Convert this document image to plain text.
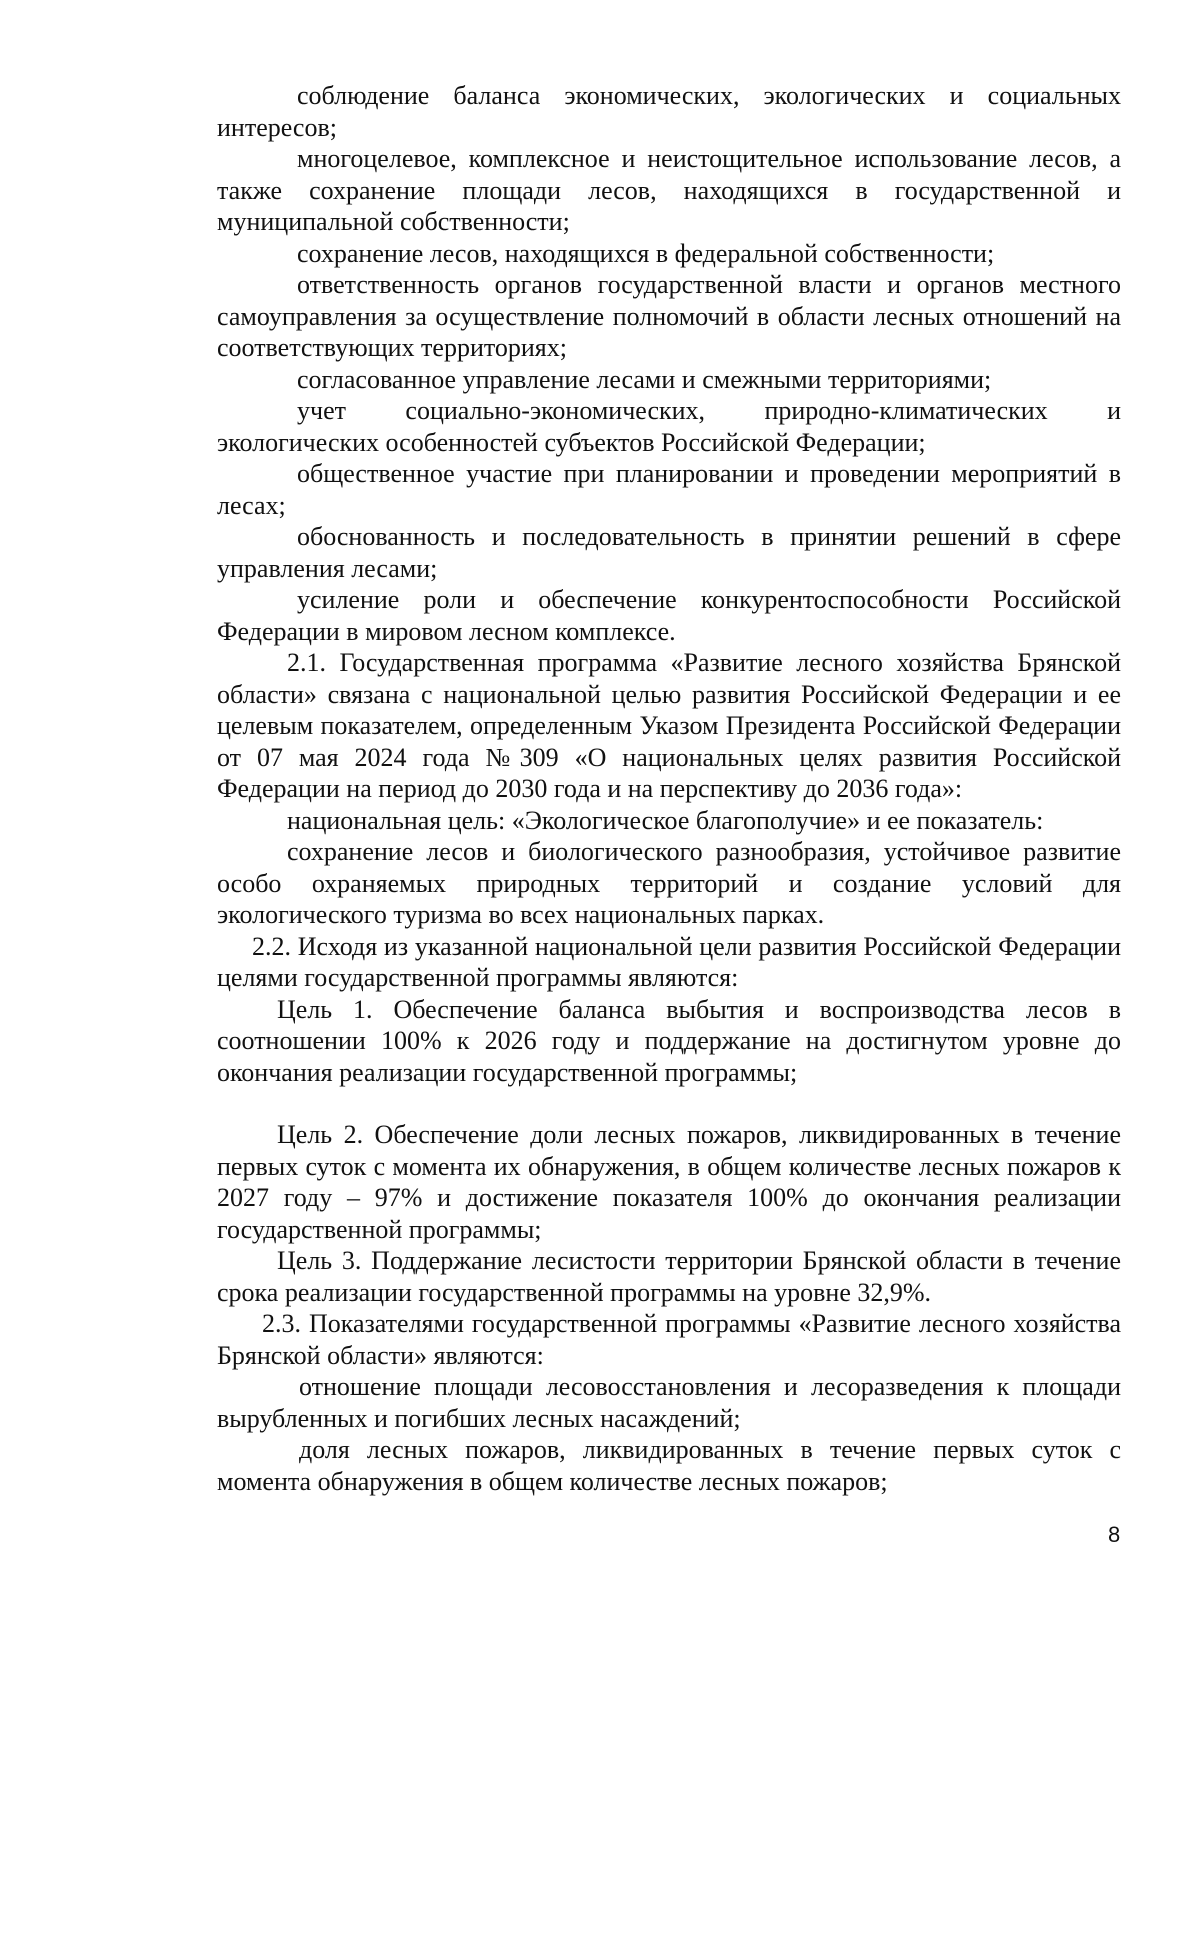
соблюдение баланса экономических, экологических и социальных интересов;

многоцелевое, комплексное и неистощительное использование лесов, а также сохранение площади лесов, находящихся в государственной и муниципальной собственности;

сохранение лесов, находящихся в федеральной собственности;

ответственность органов государственной власти и органов местного самоуправления за осуществление полномочий в области лесных отношений на соответствующих территориях;

согласованное управление лесами и смежными территориями;

учет социально-экономических, природно-климатических и экологических особенностей субъектов Российской Федерации;

общественное участие при планировании и проведении мероприятий в лесах;

обоснованность и последовательность в принятии решений в сфере управления лесами;

усиление роли и обеспечение конкурентоспособности Российской Федерации в мировом лесном комплексе.

2.1. Государственная программа «Развитие лесного хозяйства Брянской области» связана с национальной целью развития Российской Федерации и ее целевым показателем, определенным Указом Президента Российской Федерации от 07 мая 2024 года №309 «О национальных целях развития Российской Федерации на период до 2030 года и на перспективу до 2036 года»:

национальная цель: «Экологическое благополучие» и ее показатель:

сохранение лесов и биологического разнообразия, устойчивое развитие особо охраняемых природных территорий и создание условий для экологического туризма во всех национальных парках.

2.2. Исходя из указанной национальной цели развития Российской Федерации целями государственной программы являются:

Цель 1. Обеспечение баланса выбытия и воспроизводства лесов в соотношении 100% к 2026 году и поддержание на достигнутом уровне до окончания реализации государственной программы;

Цель 2. Обеспечение доли лесных пожаров, ликвидированных в течение первых суток с момента их обнаружения, в общем количестве лесных пожаров к 2027 году – 97% и достижение показателя 100% до окончания реализации государственной программы;

Цель 3. Поддержание лесистости территории Брянской области в течение срока реализации государственной программы на уровне 32,9%.

2.3. Показателями государственной программы «Развитие лесного хозяйства Брянской области» являются:

отношение площади лесовосстановления и лесоразведения к площади вырубленных и погибших лесных насаждений;

доля лесных пожаров, ликвидированных в течение первых суток с момента обнаружения в общем количестве лесных пожаров;

8
